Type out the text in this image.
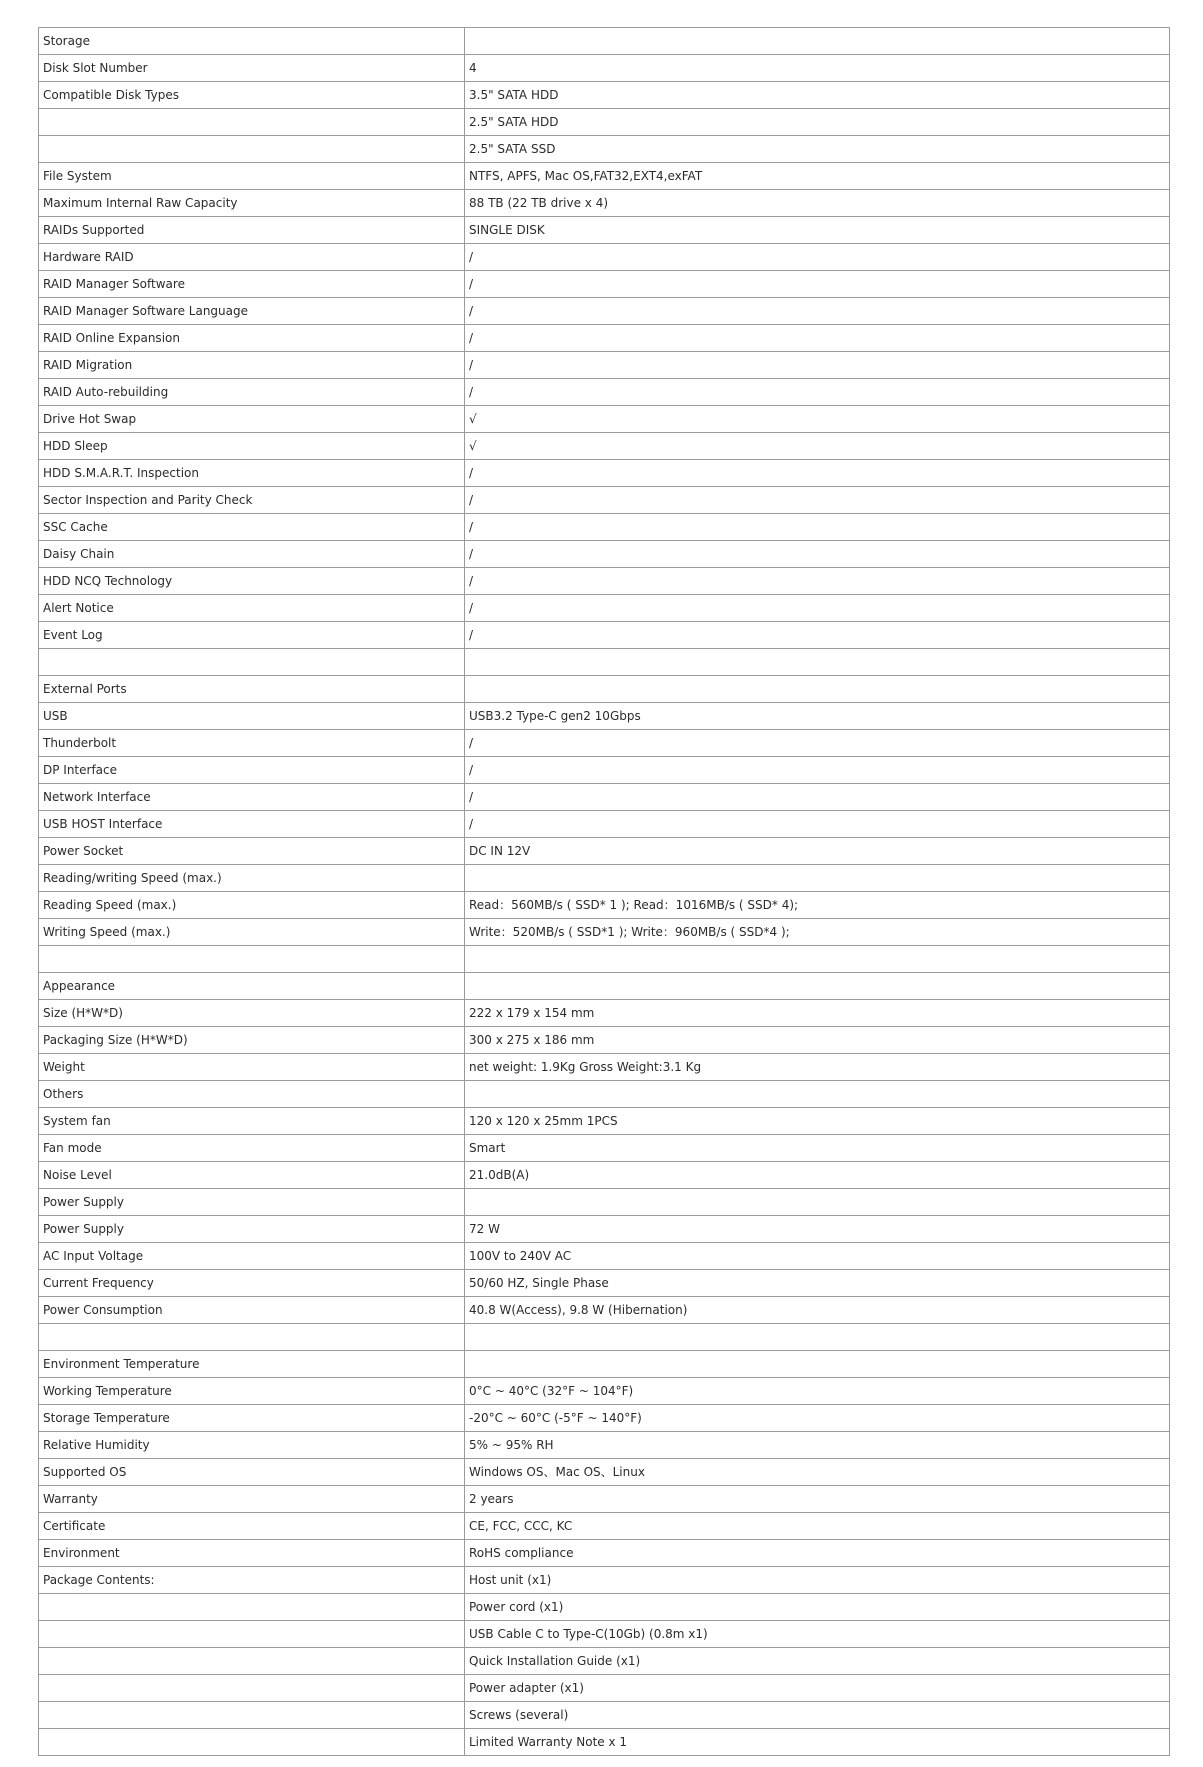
Storage	
Disk Slot Number	4
Compatible Disk Types	3.5" SATA HDD
	2.5" SATA HDD
	2.5" SATA SSD
File System	NTFS, APFS, Mac OS,FAT32,EXT4,exFAT
Maximum Internal Raw Capacity	88 TB (22 TB drive x 4)
RAIDs Supported	SINGLE DISK
Hardware RAID	/
RAID Manager Software	/
RAID Manager Software Language	/
RAID Online Expansion	/
RAID Migration	/
RAID Auto-rebuilding	/
Drive Hot Swap	√
HDD Sleep	√
HDD S.M.A.R.T. Inspection	/
Sector Inspection and Parity Check	/
SSC Cache	/
Daisy Chain	/
HDD NCQ Technology	/
Alert Notice	/
Event Log	/

External Ports	
USB	USB3.2 Type-C gen2 10Gbps
Thunderbolt	/
DP Interface	/
Network Interface	/
USB HOST Interface	/
Power Socket	DC IN 12V
Reading/writing Speed (max.)	
Reading Speed (max.)	Read：560MB/s ( SSD* 1 ); Read：1016MB/s ( SSD* 4);
Writing Speed (max.)	Write：520MB/s ( SSD*1 ); Write：960MB/s ( SSD*4 );

Appearance	
Size (H*W*D)	222 x 179 x 154 mm
Packaging Size (H*W*D)	300 x 275 x 186 mm
Weight	net weight: 1.9Kg Gross Weight:3.1 Kg
Others	
System fan	120 x 120 x 25mm 1PCS
Fan mode	Smart
Noise Level	21.0dB(A)
Power Supply	
Power Supply	72 W
AC Input Voltage	100V to 240V AC
Current Frequency	50/60 HZ, Single Phase
Power Consumption	40.8 W(Access), 9.8 W (Hibernation)

Environment Temperature	
Working Temperature	0°C ~ 40°C (32°F ~ 104°F)
Storage Temperature	-20°C ~ 60°C (-5°F ~ 140°F)
Relative Humidity	5% ~ 95% RH
Supported OS	Windows OS、Mac OS、Linux
Warranty	2 years
Certificate	CE, FCC, CCC, KC
Environment	RoHS compliance
Package Contents:	Host unit (x1)
	Power cord (x1)
	USB Cable C to Type-C(10Gb) (0.8m x1)
	Quick Installation Guide (x1)
	Power adapter (x1)
	Screws (several)
	Limited Warranty Note x 1
